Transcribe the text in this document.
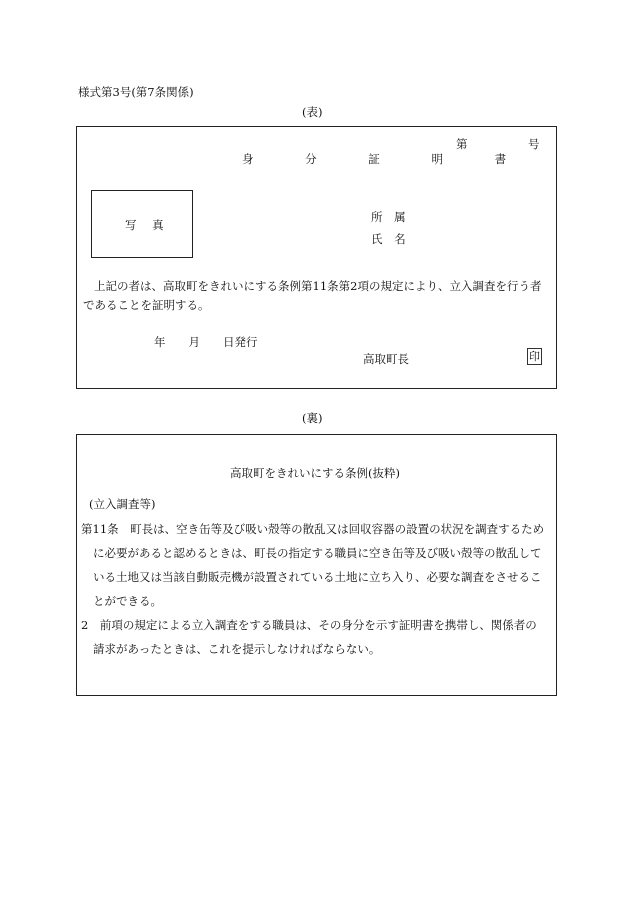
様式第3号(第7条関係)
(表)
第	号
身 分 証 明 書
写 真
所 属
氏 名
上記の者は、高取町をきれいにする条例第11条第2項の規定により、立入調査を行う者
であることを証明する。
年　　月　　日発行
高取町長	印
(裏)
高取町をきれいにする条例(抜粋)
(立入調査等)
第11条　町長は、空き缶等及び吸い殻等の散乱又は回収容器の設置の状況を調査するため
に必要があると認めるときは、町長の指定する職員に空き缶等及び吸い殻等の散乱して
いる土地又は当該自動販売機が設置されている土地に立ち入り、必要な調査をさせるこ
とができる。
2　前項の規定による立入調査をする職員は、その身分を示す証明書を携帯し、関係者の
請求があったときは、これを提示しなければならない。
